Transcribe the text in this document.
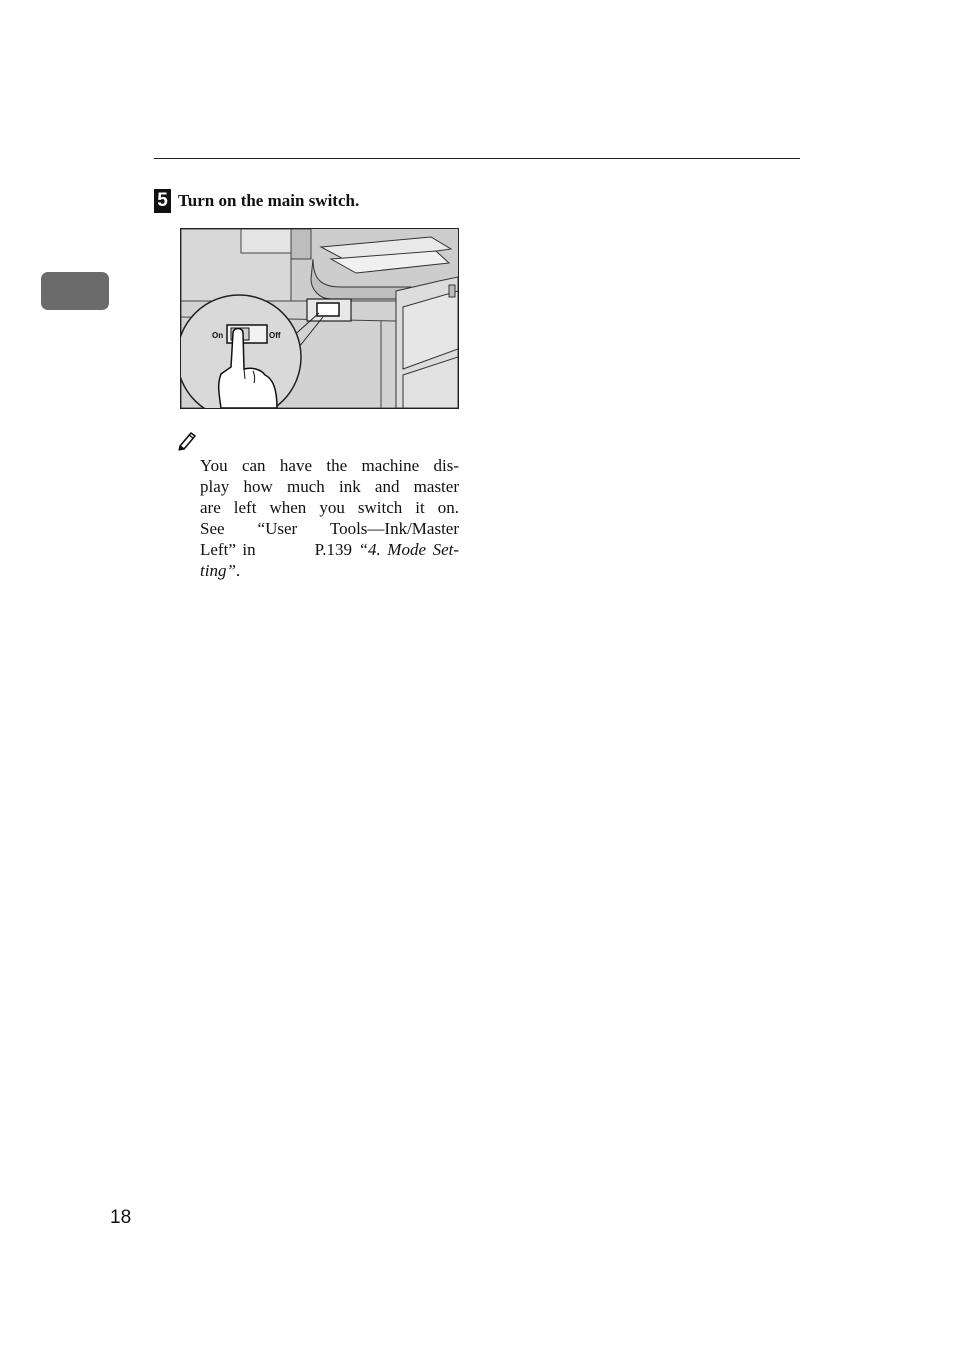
5 Turn on the main switch.
On	Off
You can have the machine dis-
play how much ink and master
are left when you switch it on.
See “User Tools—Ink/Master
Left” in	P.139 “4. Mode Set-
ting”.
18
